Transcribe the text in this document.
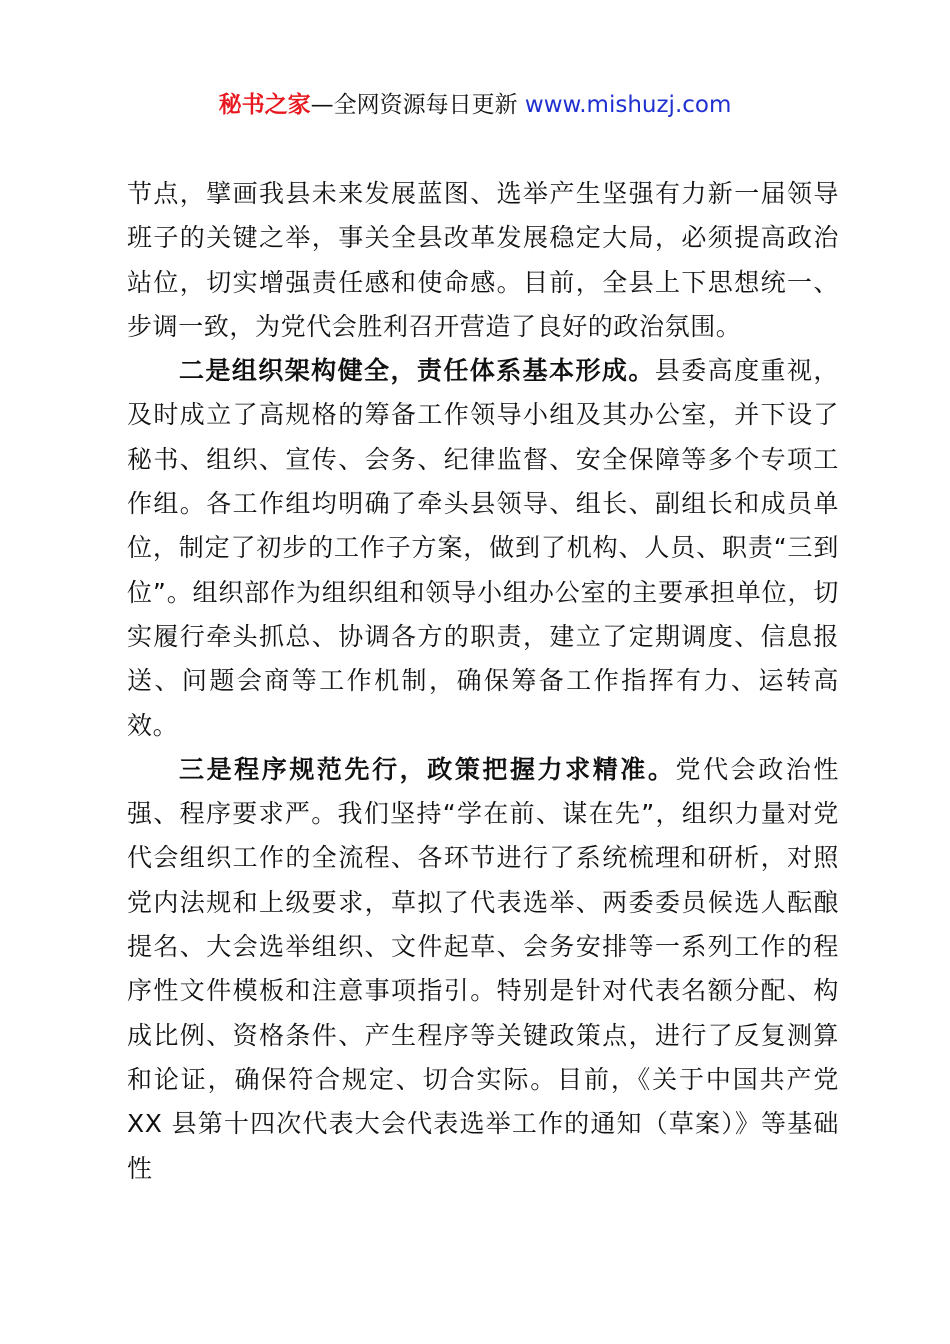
秘书之家—全网资源每日更新 www.mishuzj.com

节点，擘画我县未来发展蓝图、选举产生坚强有力新一届领导班子的关键之举，事关全县改革发展稳定大局，必须提高政治站位，切实增强责任感和使命感。目前，全县上下思想统一、步调一致，为党代会胜利召开营造了良好的政治氛围。

二是组织架构健全，责任体系基本形成。县委高度重视，及时成立了高规格的筹备工作领导小组及其办公室，并下设了秘书、组织、宣传、会务、纪律监督、安全保障等多个专项工作组。各工作组均明确了牵头县领导、组长、副组长和成员单位，制定了初步的工作子方案，做到了机构、人员、职责“三到位”。组织部作为组织组和领导小组办公室的主要承担单位，切实履行牵头抓总、协调各方的职责，建立了定期调度、信息报送、问题会商等工作机制，确保筹备工作指挥有力、运转高效。

三是程序规范先行，政策把握力求精准。党代会政治性强、程序要求严。我们坚持“学在前、谋在先”，组织力量对党代会组织工作的全流程、各环节进行了系统梳理和研析，对照党内法规和上级要求，草拟了代表选举、两委委员候选人酝酿提名、大会选举组织、文件起草、会务安排等一系列工作的程序性文件模板和注意事项指引。特别是针对代表名额分配、构成比例、资格条件、产生程序等关键政策点，进行了反复测算和论证，确保符合规定、切合实际。目前，《关于中国共产党 XX 县第十四次代表大会代表选举工作的通知（草案）》等基础性
